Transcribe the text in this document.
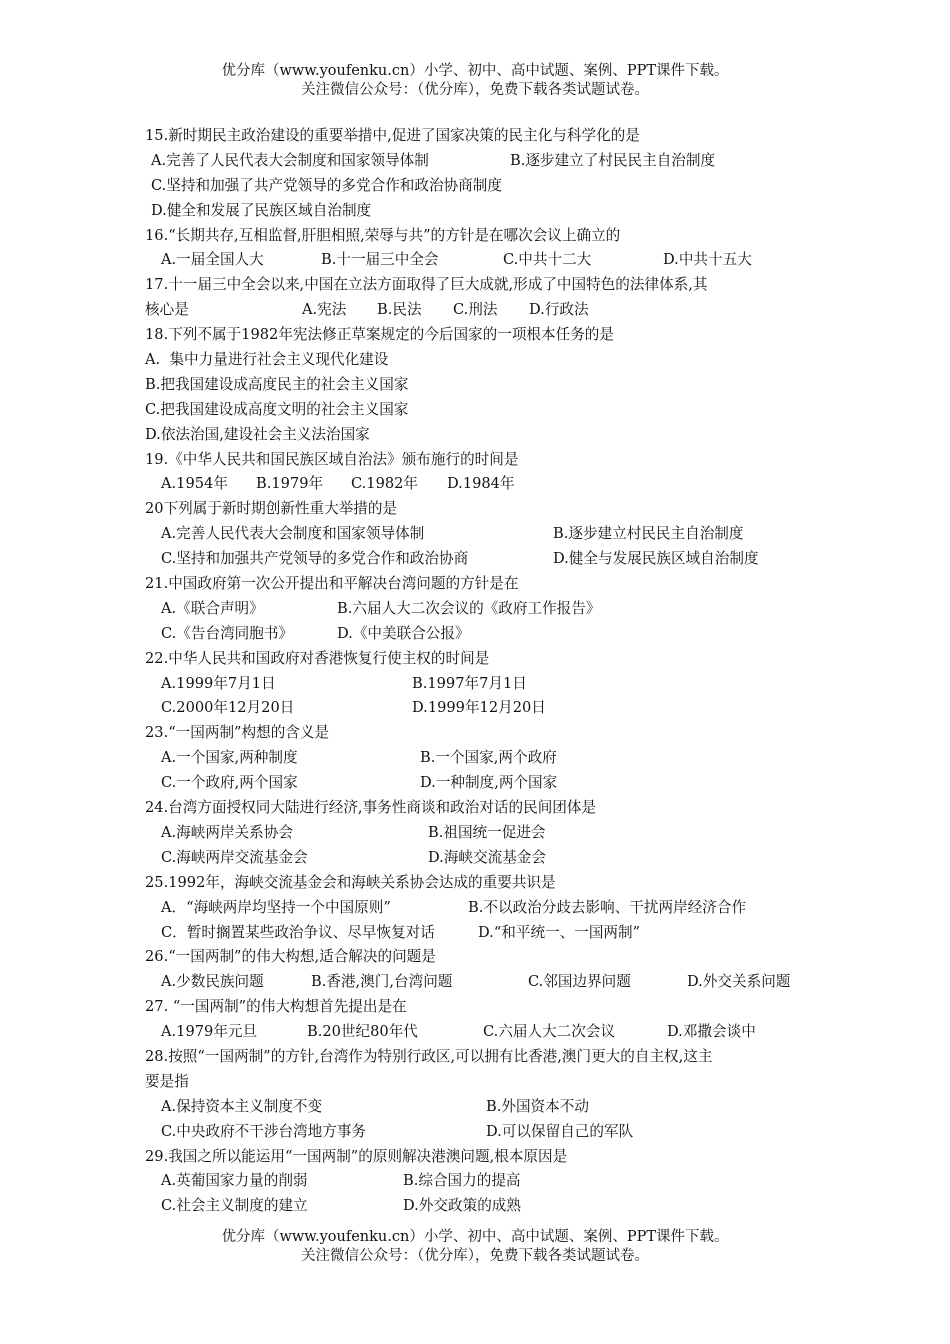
优分库（www.youfenku.cn）小学、初中、高中试题、案例、PPT课件下载。
关注微信公众号：（优分库），免费下载各类试题试卷。
15.新时期民主政治建设的重要举措中,促进了国家决策的民主化与科学化的是
A.完善了人民代表大会制度和国家领导体制	B.逐步建立了村民民主自治制度
C.坚持和加强了共产党领导的多党合作和政治协商制度
D.健全和发展了民族区域自治制度
16.“长期共存,互相监督,肝胆相照,荣辱与共”的方针是在哪次会议上确立的
A.一届全国人大	B.十一届三中全会	C.中共十二大	D.中共十五大
17.十一届三中全会以来,中国在立法方面取得了巨大成就,形成了中国特色的法律体系,其
核心是	A.宪法 B.民法 C.刑法 D.行政法
18.下列不属于1982年宪法修正草案规定的今后国家的一项根本任务的是
A.  集中力量进行社会主义现代化建设
B.把我国建设成高度民主的社会主义国家
C.把我国建设成高度文明的社会主义国家
D.依法治国,建设社会主义法治国家
19.《中华人民共和国民族区域自治法》颁布施行的时间是
A.1954年 B.1979年 C.1982年 D.1984年
20下列属于新时期创新性重大举措的是
A.完善人民代表大会制度和国家领导体制	B.逐步建立村民民主自治制度
C.坚持和加强共产党领导的多党合作和政治协商	D.健全与发展民族区域自治制度
21.中国政府第一次公开提出和平解决台湾问题的方针是在
A.《联合声明》	B.六届人大二次会议的《政府工作报告》
C.《告台湾同胞书》	D.《中美联合公报》
22.中华人民共和国政府对香港恢复行使主权的时间是
A.1999年7月1日	B.1997年7月1日
C.2000年12月20日	D.1999年12月20日
23.“一国两制”构想的含义是
A.一个国家,两种制度	B.一个国家,两个政府
C.一个政府,两个国家	D.一种制度,两个国家
24.台湾方面授权同大陆进行经济,事务性商谈和政治对话的民间团体是
A.海峡两岸关系协会	B.祖国统一促进会
C.海峡两岸交流基金会	D.海峡交流基金会
25.1992年，海峡交流基金会和海峡关系协会达成的重要共识是
A．“海峡两岸均坚持一个中国原则”	B.不以政治分歧去影响、干扰两岸经济合作
C．暂时搁置某些政治争议、尽早恢复对话	D.“和平统一、一国两制”
26.“一国两制”的伟大构想,适合解决的问题是
A.少数民族问题	B.香港,澳门,台湾问题	C.邻国边界问题	D.外交关系问题
27. “一国两制”的伟大构想首先提出是在
A.1979年元旦	B.20世纪80年代	C.六届人大二次会议	D.邓撒会谈中
28.按照“一国两制”的方针,台湾作为特别行政区,可以拥有比香港,澳门更大的自主权,这主
要是指
A.保持资本主义制度不变	B.外国资本不动
C.中央政府不干涉台湾地方事务	D.可以保留自己的军队
29.我国之所以能运用“一国两制”的原则解决港澳问题,根本原因是
A.英葡国家力量的削弱	B.综合国力的提高
C.社会主义制度的建立	D.外交政策的成熟
优分库（www.youfenku.cn）小学、初中、高中试题、案例、PPT课件下载。
关注微信公众号：（优分库），免费下载各类试题试卷。
